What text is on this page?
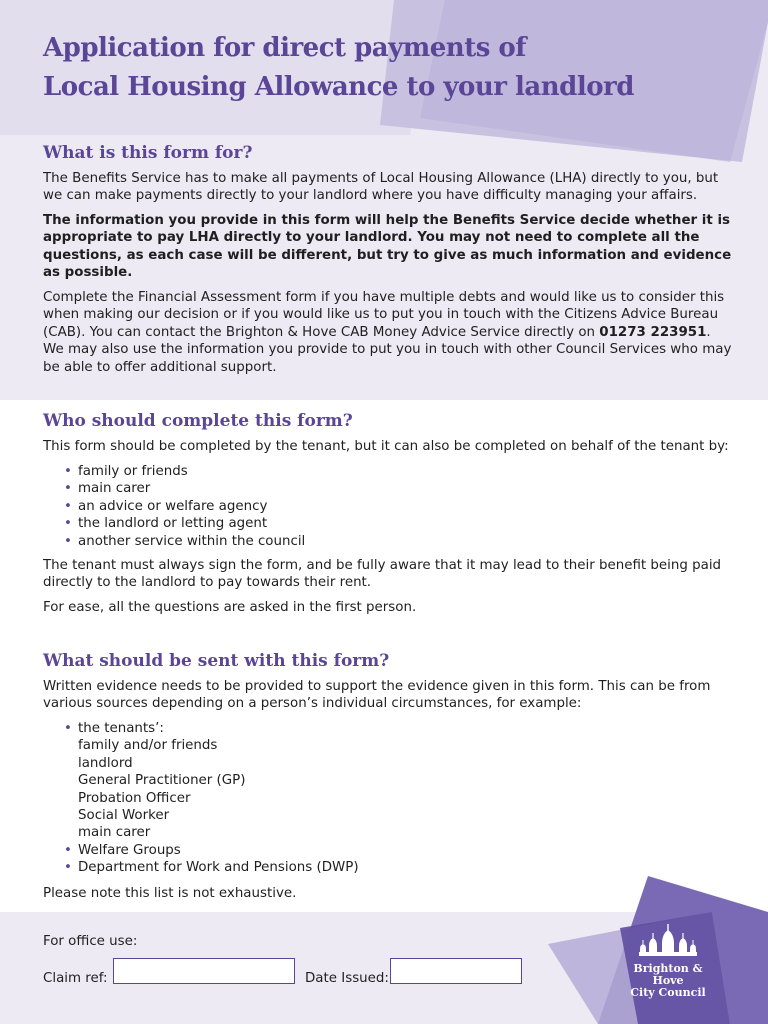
Application for direct payments of
Local Housing Allowance to your landlord
What is this form for?

The Benefits Service has to make all payments of Local Housing Allowance (LHA) directly to you, but we can make payments directly to your landlord where you have difficulty managing your affairs.

The information you provide in this form will help the Benefits Service decide whether it is appropriate to pay LHA directly to your landlord. You may not need to complete all the questions, as each case will be different, but try to give as much information and evidence as possible.

Complete the Financial Assessment form if you have multiple debts and would like us to consider this when making our decision or if you would like us to put you in touch with the Citizens Advice Bureau (CAB). You can contact the Brighton & Hove CAB Money Advice Service directly on 01273 223951. We may also use the information you provide to put you in touch with other Council Services who may be able to offer additional support.

Who should complete this form?

This form should be completed by the tenant, but it can also be completed on behalf of the tenant by:

• family or friends
• main carer
• an advice or welfare agency
• the landlord or letting agent
• another service within the council

The tenant must always sign the form, and be fully aware that it may lead to their benefit being paid directly to the landlord to pay towards their rent.

For ease, all the questions are asked in the first person.

What should be sent with this form?

Written evidence needs to be provided to support the evidence given in this form. This can be from various sources depending on a person’s individual circumstances, for example:

• the tenants’:
family and/or friends
landlord
General Practitioner (GP)
Probation Officer
Social Worker
main carer
• Welfare Groups
• Department for Work and Pensions (DWP)

Please note this list is not exhaustive.

For office use:
Claim ref:	Date Issued:
Brighton & Hove
City Council
